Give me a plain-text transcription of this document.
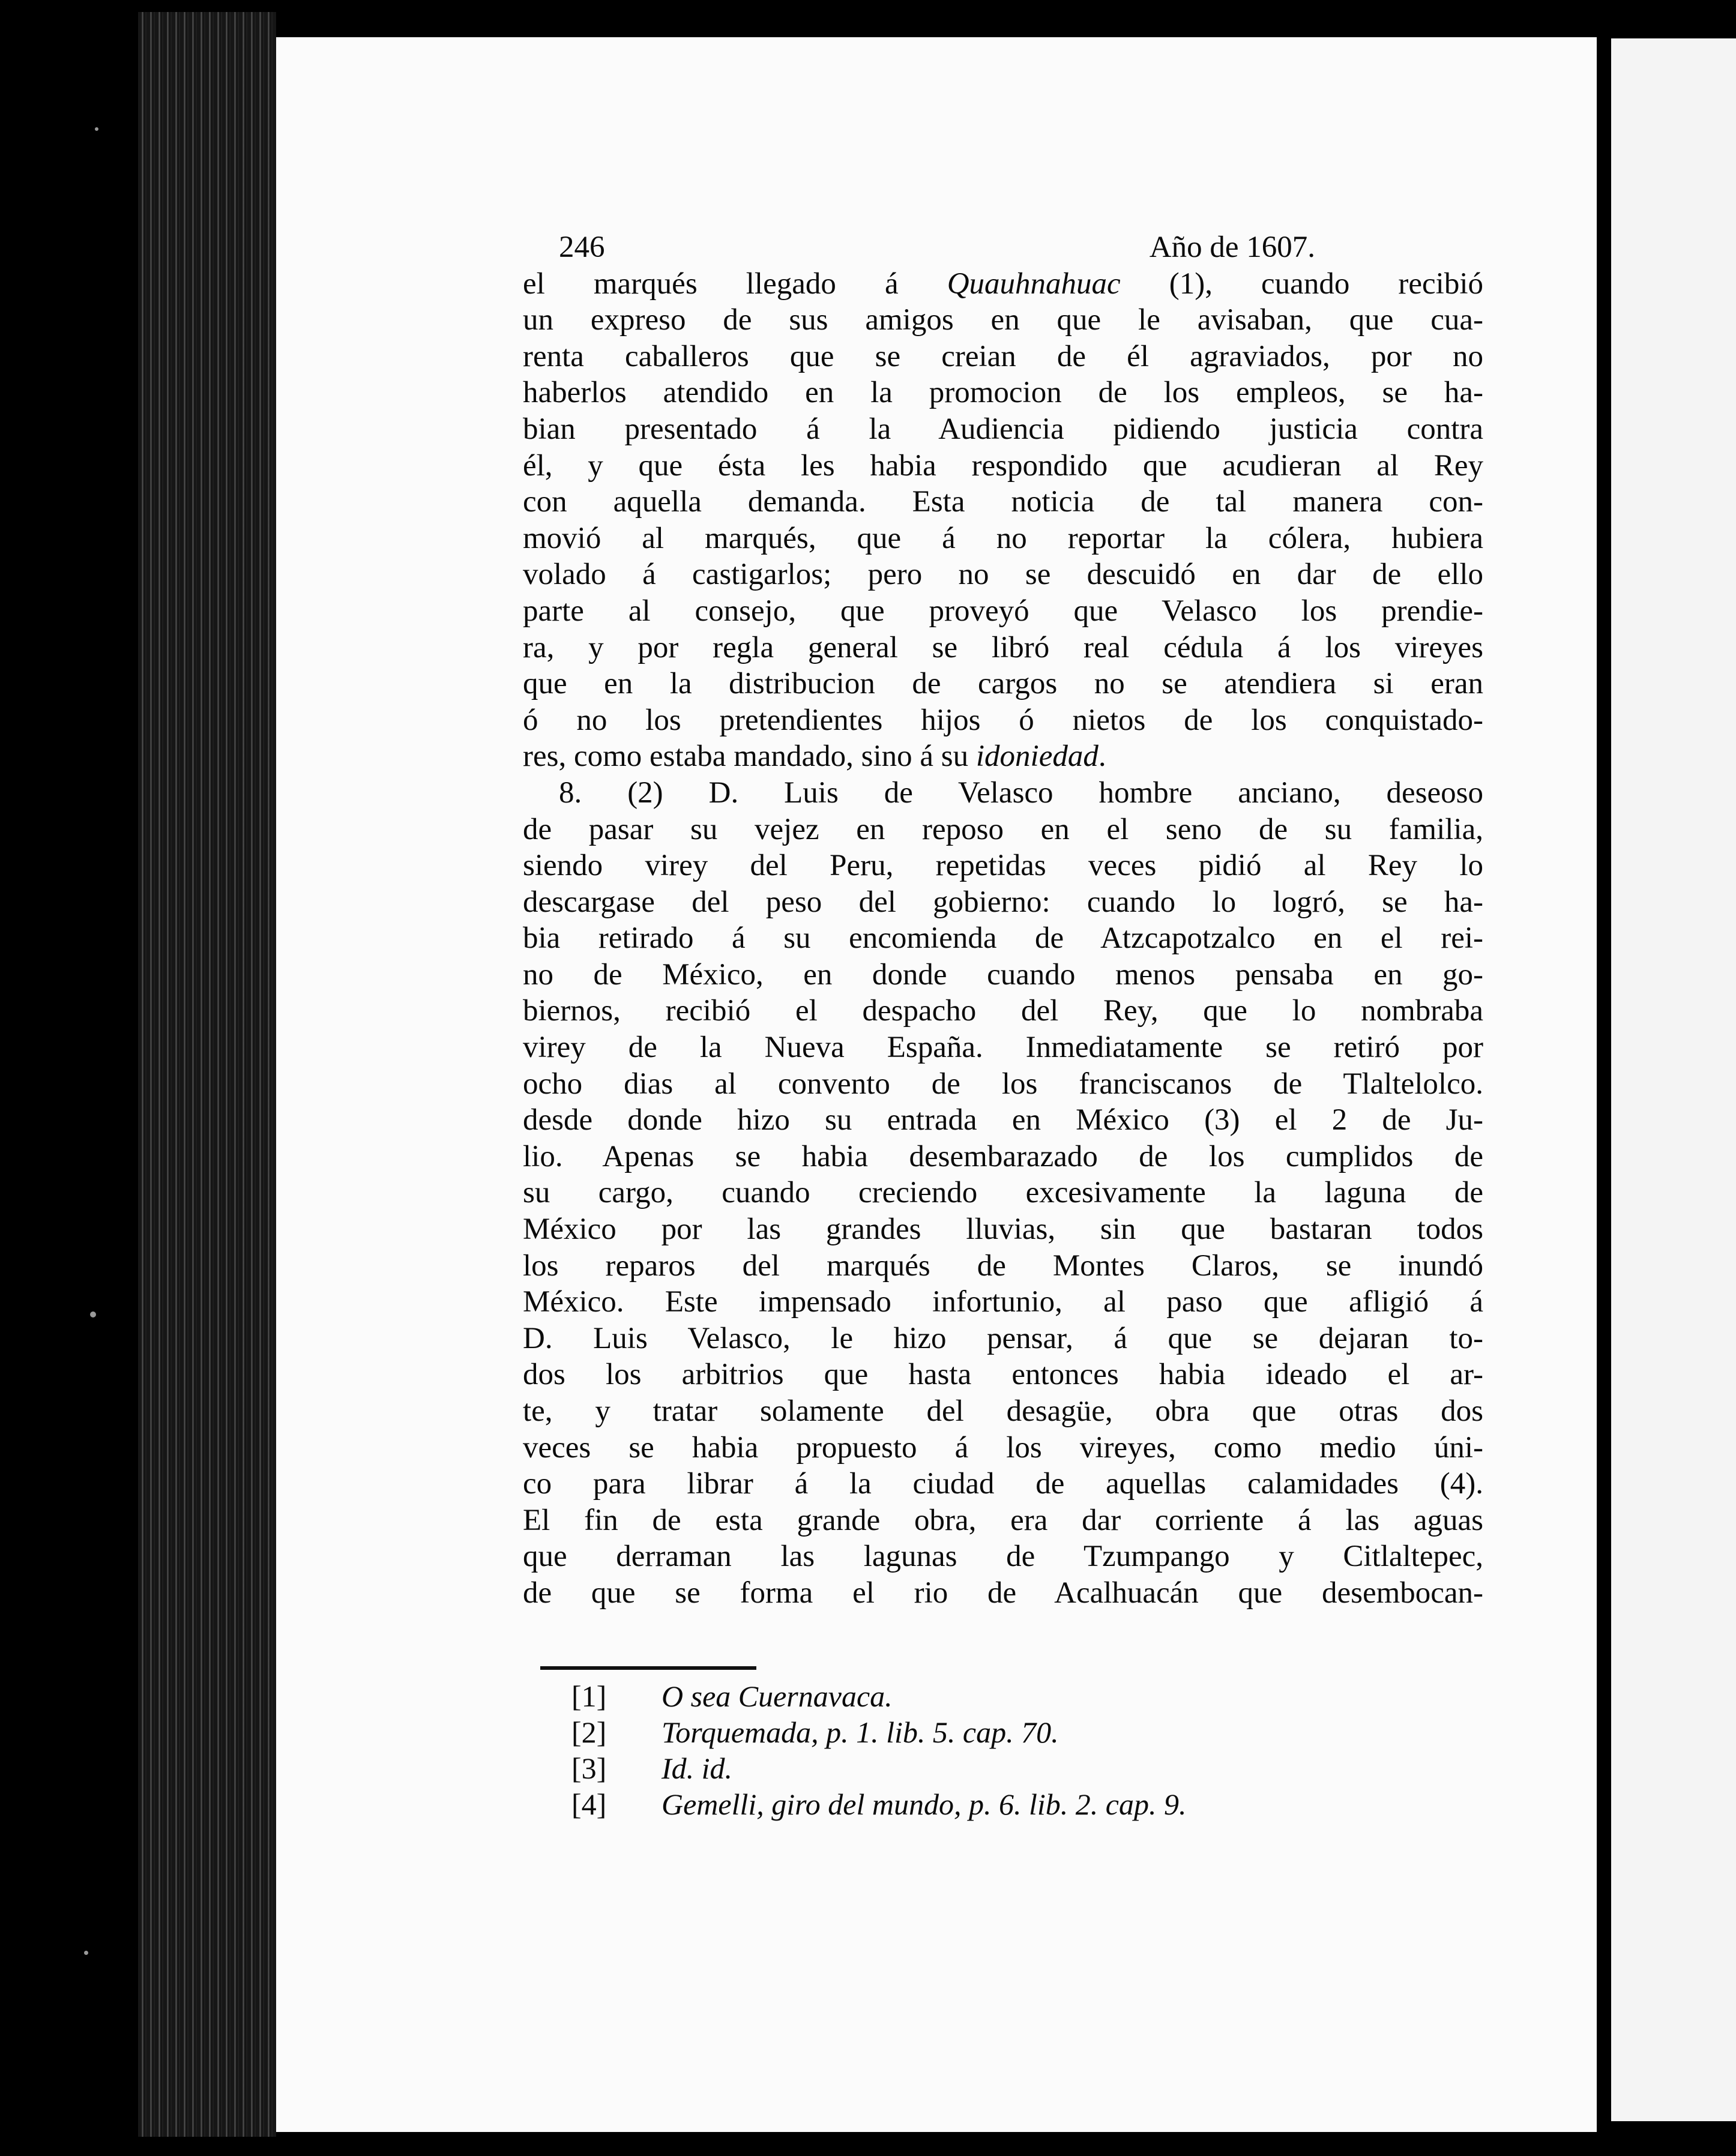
246	Año de 1607.
el marqués llegado á Quauhnahuac (1), cuando recibió
un expreso de sus amigos en que le avisaban, que cua-
renta caballeros que se creian de él agraviados, por no
haberlos atendido en la promocion de los empleos, se ha-
bian presentado á la Audiencia pidiendo justicia contra
él, y que ésta les habia respondido que acudieran al Rey
con aquella demanda. Esta noticia de tal manera con-
movió al marqués, que á no reportar la cólera, hubiera
volado á castigarlos; pero no se descuidó en dar de ello
parte al consejo, que proveyó que Velasco los prendie-
ra, y por regla general se libró real cédula á los vireyes
que en la distribucion de cargos no se atendiera si eran
ó no los pretendientes hijos ó nietos de los conquistado-
res, como estaba mandado, sino á su idoniedad.
8. (2) D. Luis de Velasco hombre anciano, deseoso
de pasar su vejez en reposo en el seno de su familia,
siendo virey del Peru, repetidas veces pidió al Rey lo
descargase del peso del gobierno: cuando lo logró, se ha-
bia retirado á su encomienda de Atzcapotzalco en el rei-
no de México, en donde cuando menos pensaba en go-
biernos, recibió el despacho del Rey, que lo nombraba
virey de la Nueva España. Inmediatamente se retiró por
ocho dias al convento de los franciscanos de Tlaltelolco.
desde donde hizo su entrada en México (3) el 2 de Ju-
lio. Apenas se habia desembarazado de los cumplidos de
su cargo, cuando creciendo excesivamente la laguna de
México por las grandes lluvias, sin que bastaran todos
los reparos del marqués de Montes Claros, se inundó
México. Este impensado infortunio, al paso que afligió á
D. Luis Velasco, le hizo pensar, á que se dejaran to-
dos los arbitrios que hasta entonces habia ideado el ar-
te, y tratar solamente del desagüe, obra que otras dos
veces se habia propuesto á los vireyes, como medio úni-
co para librar á la ciudad de aquellas calamidades (4).
El fin de esta grande obra, era dar corriente á las aguas
que derraman las lagunas de Tzumpango y Citlaltepec,
de que se forma el rio de Acalhuacán que desembocan-
[1] O sea Cuernavaca.
[2] Torquemada, p. 1. lib. 5. cap. 70.
[3] Id. id.
[4] Gemelli, giro del mundo, p. 6. lib. 2. cap. 9.
